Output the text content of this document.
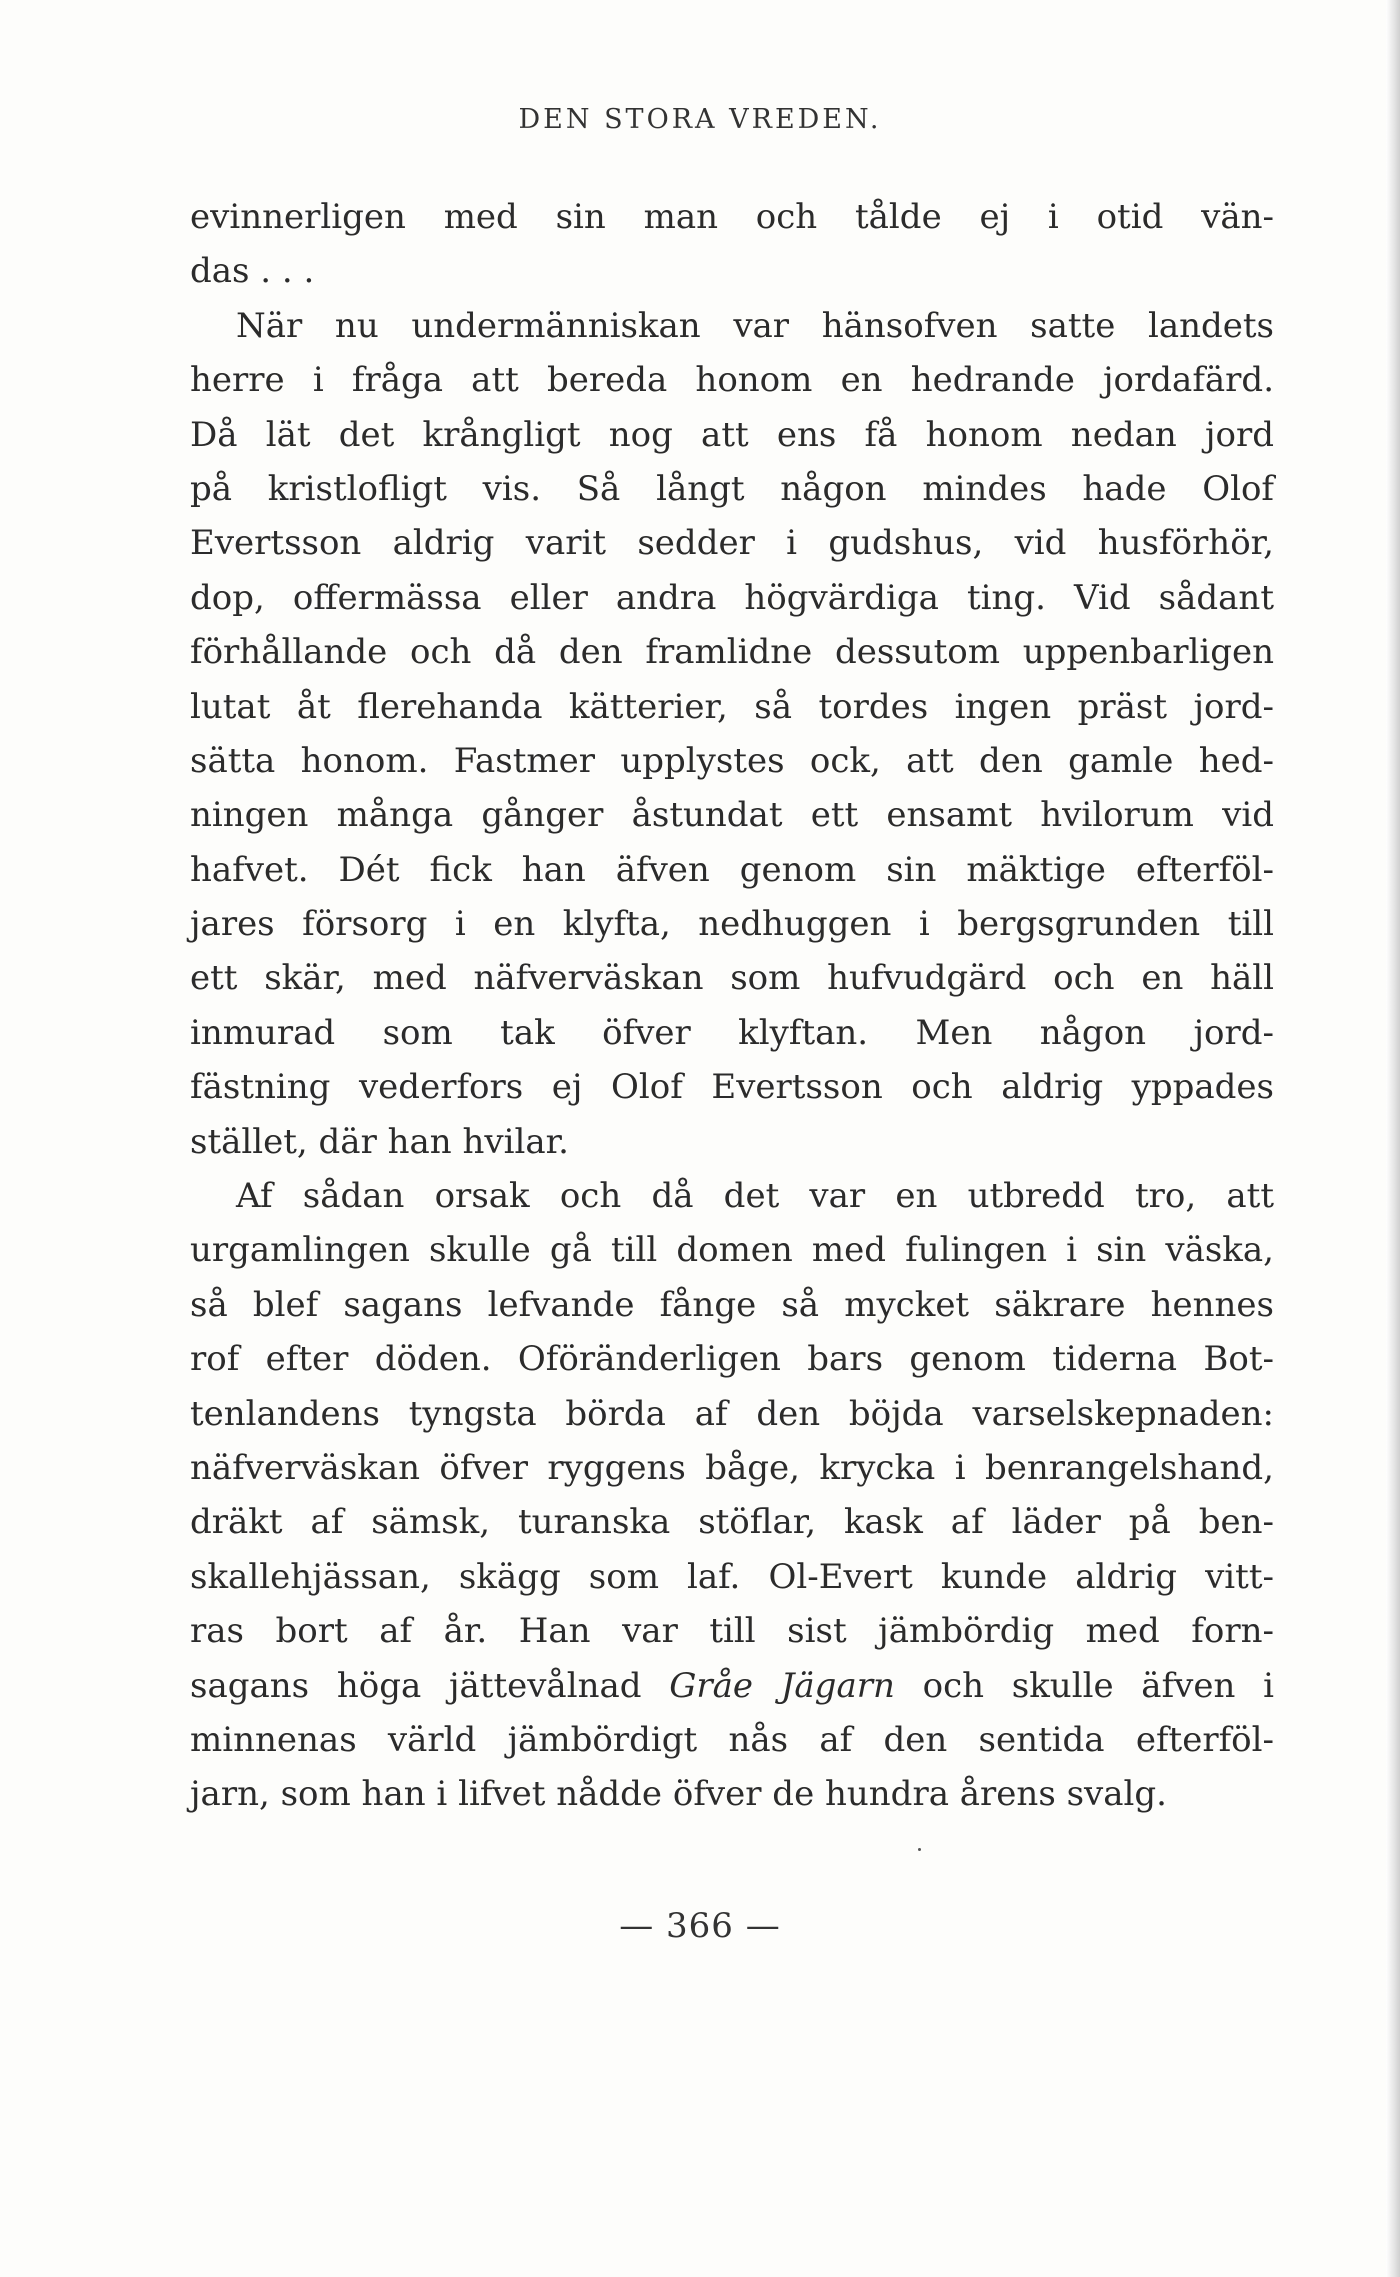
DEN STORA VREDEN.
evinnerligen med sin man och tålde ej i otid vän-
das . . .
När nu undermänniskan var hänsofven satte landets
herre i fråga att bereda honom en hedrande jordafärd.
Då lät det krångligt nog att ens få honom nedan jord
på kristlofligt vis. Så långt någon mindes hade Olof
Evertsson aldrig varit sedder i gudshus, vid husförhör,
dop, offermässa eller andra högvärdiga ting. Vid sådant
förhållande och då den framlidne dessutom uppenbarligen
lutat åt flerehanda kätterier, så tordes ingen präst jord-
sätta honom. Fastmer upplystes ock, att den gamle hed-
ningen många gånger åstundat ett ensamt hvilorum vid
hafvet. Dét fick han äfven genom sin mäktige efterföl-
jares försorg i en klyfta, nedhuggen i bergsgrunden till
ett skär, med näfverväskan som hufvudgärd och en häll
inmurad som tak öfver klyftan. Men någon jord-
fästning vederfors ej Olof Evertsson och aldrig yppades
stället, där han hvilar.
Af sådan orsak och då det var en utbredd tro, att
urgamlingen skulle gå till domen med fulingen i sin väska,
så blef sagans lefvande fånge så mycket säkrare hennes
rof efter döden. Oföränderligen bars genom tiderna Bot-
tenlandens tyngsta börda af den böjda varselskepnaden:
näfverväskan öfver ryggens båge, krycka i benrangelshand,
dräkt af sämsk, turanska stöflar, kask af läder på ben-
skallehjässan, skägg som laf. Ol-Evert kunde aldrig vitt-
ras bort af år. Han var till sist jämbördig med forn-
sagans höga jättevålnad Gråe Jägarn och skulle äfven i
minnenas värld jämbördigt nås af den sentida efterföl-
jarn, som han i lifvet nådde öfver de hundra årens svalg.
— 366 —
